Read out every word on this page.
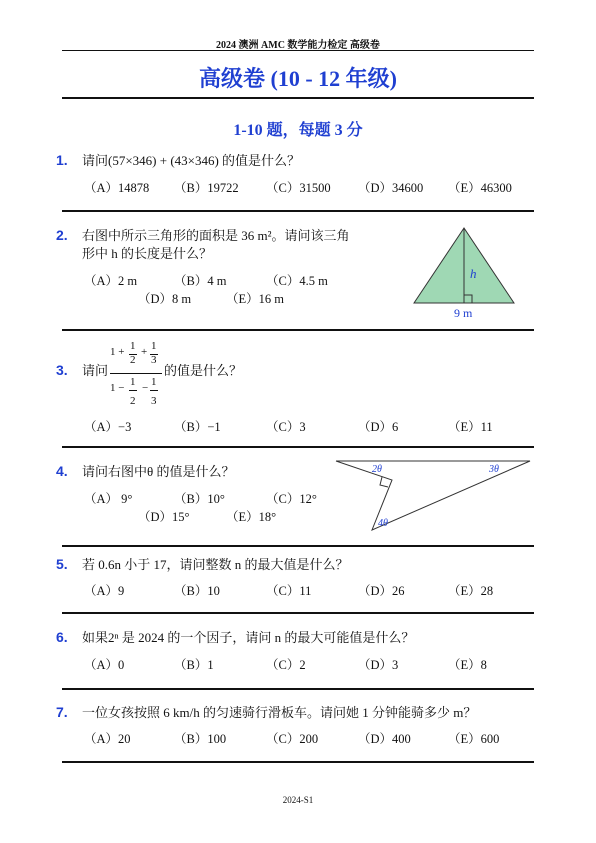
2024 澳洲 AMC 数学能力检定 高级卷
高级卷 (10 - 12 年级)
1-10 题，每题 3 分
1. 请问(57×346) + (43×346) 的值是什么？
（A）14878 （B）19722 （C）31500 （D）34600 （E）46300
2. 右图中所示三角形的面积是 36 m²。请问该三角
形中 h 的长度是什么？
（A）2 m	（B）4 m	（C）4.5 m
（D）8 m	（E）16 m
h
9 m
3. 请问
1 + 1
2
+ 1
3
1 − 1
2
− 1
3
的值是什么？
（A）−3	（B）−1	（C）3	（D）6	（E）11
4. 请问右图中θ 的值是什么？
（A） 9°	（B）10°	（C）12°
（D）15°	（E）18°
2θ	3θ
4θ
5. 若 0.6n 小于 17，请问整数 n 的最大值是什么？
（A）9	（B）10	（C）11	（D）26	（E）28
6. 如果2ⁿ 是 2024 的一个因子，请问 n 的最大可能值是什么？
（A）0	（B）1	（C）2	（D）3	（E）8
7. 一位女孩按照 6 km/h 的匀速骑行滑板车。请问她 1 分钟能骑多少 m？
（A）20	（B）100	（C）200	（D）400	（E）600
2024-S1
